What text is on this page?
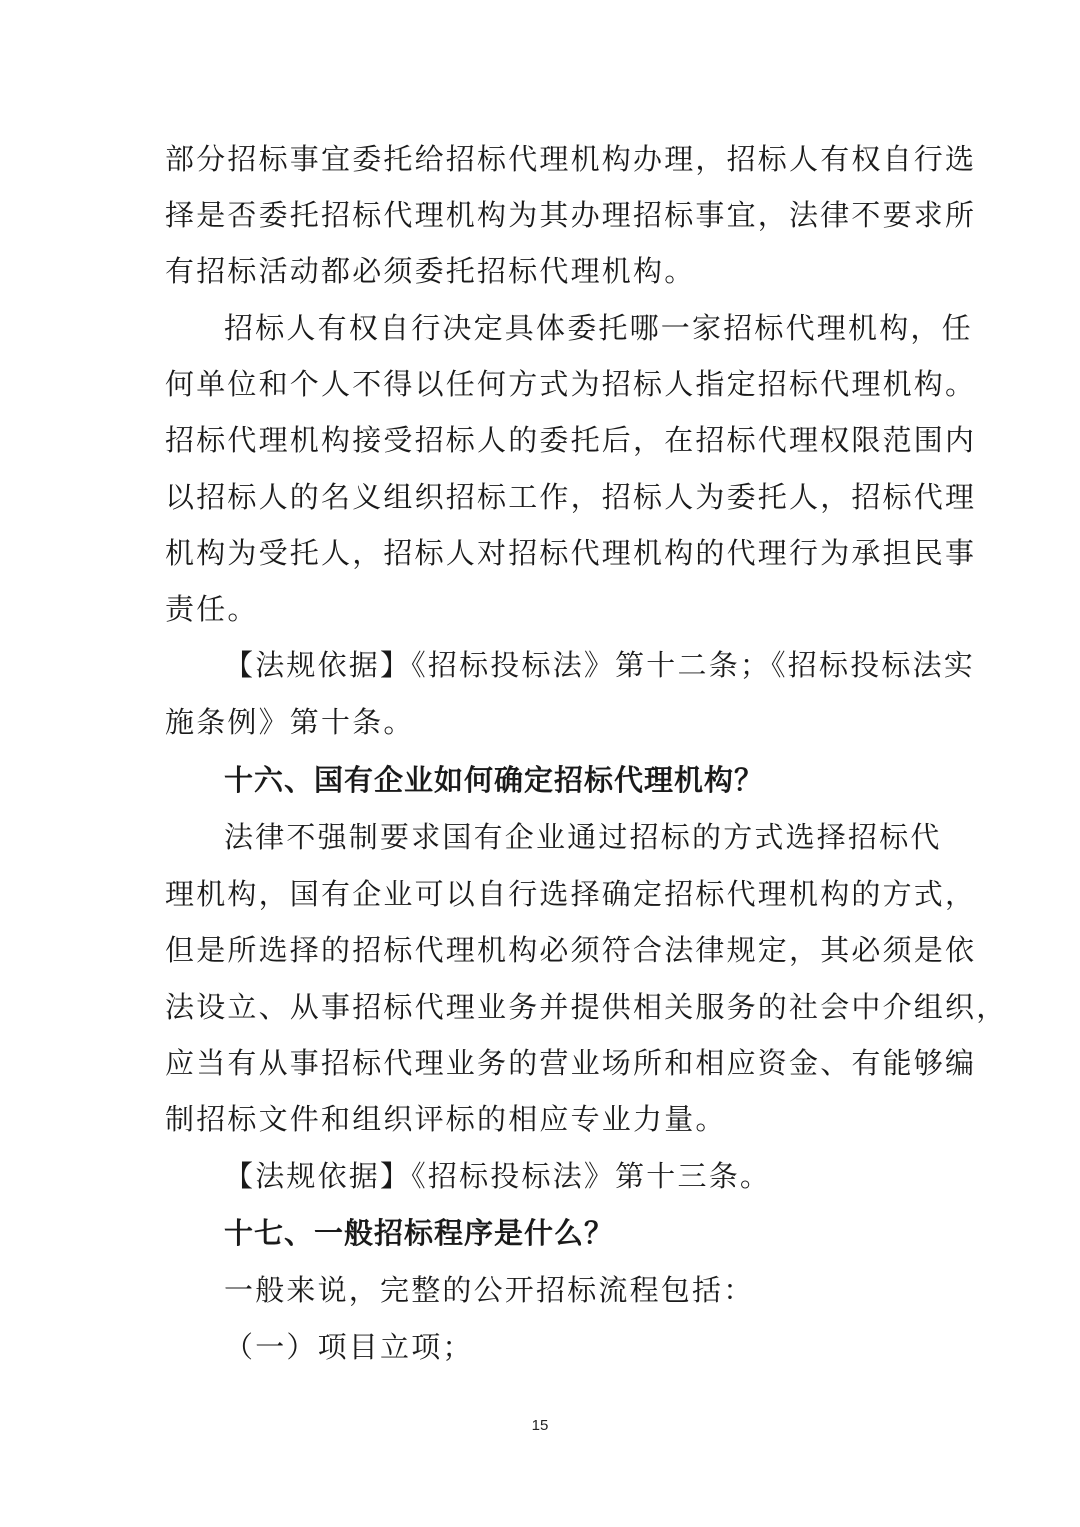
部分招标事宜委托给招标代理机构办理，招标人有权自行选
择是否委托招标代理机构为其办理招标事宜，法律不要求所
有招标活动都必须委托招标代理机构。
招标人有权自行决定具体委托哪一家招标代理机构，任
何单位和个人不得以任何方式为招标人指定招标代理机构。
招标代理机构接受招标人的委托后，在招标代理权限范围内
以招标人的名义组织招标工作，招标人为委托人，招标代理
机构为受托人，招标人对招标代理机构的代理行为承担民事
责任。
【法规依据】《招标投标法》第十二条；《招标投标法实
施条例》第十条。
十六、国有企业如何确定招标代理机构？
法律不强制要求国有企业通过招标的方式选择招标代
理机构，国有企业可以自行选择确定招标代理机构的方式，
但是所选择的招标代理机构必须符合法律规定，其必须是依
法设立、从事招标代理业务并提供相关服务的社会中介组织，
应当有从事招标代理业务的营业场所和相应资金、有能够编
制招标文件和组织评标的相应专业力量。
【法规依据】《招标投标法》第十三条。
十七、一般招标程序是什么？
一般来说，完整的公开招标流程包括：
（一）项目立项；
15
